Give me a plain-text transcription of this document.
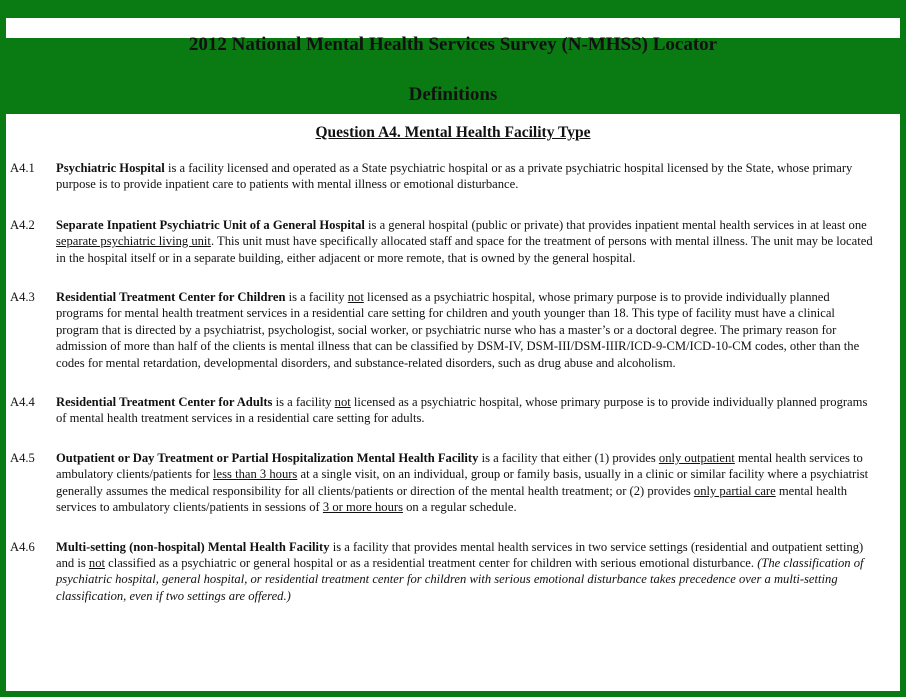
2012 National Mental Health Services Survey (N-MHSS) Locator

Definitions

Question A4. Mental Health Facility Type
A4.1 Psychiatric Hospital is a facility licensed and operated as a State psychiatric hospital or as a private psychiatric hospital licensed by the State, whose primary purpose is to provide inpatient care to patients with mental illness or emotional disturbance.
A4.2 Separate Inpatient Psychiatric Unit of a General Hospital is a general hospital (public or private) that provides inpatient mental health services in at least one separate psychiatric living unit. This unit must have specifically allocated staff and space for the treatment of persons with mental illness. The unit may be located in the hospital itself or in a separate building, either adjacent or more remote, that is owned by the general hospital.
A4.3 Residential Treatment Center for Children is a facility not licensed as a psychiatric hospital, whose primary purpose is to provide individually planned programs for mental health treatment services in a residential care setting for children and youth younger than 18. This type of facility must have a clinical program that is directed by a psychiatrist, psychologist, social worker, or psychiatric nurse who has a master’s or a doctoral degree. The primary reason for admission of more than half of the clients is mental illness that can be classified by DSM-IV, DSM-III/DSM-IIIR/ICD-9-CM/ICD-10-CM codes, other than the codes for mental retardation, developmental disorders, and substance-related disorders, such as drug abuse and alcoholism.
A4.4 Residential Treatment Center for Adults is a facility not licensed as a psychiatric hospital, whose primary purpose is to provide individually planned programs of mental health treatment services in a residential care setting for adults.
A4.5 Outpatient or Day Treatment or Partial Hospitalization Mental Health Facility is a facility that either (1) provides only outpatient mental health services to ambulatory clients/patients for less than 3 hours at a single visit, on an individual, group or family basis, usually in a clinic or similar facility where a psychiatrist generally assumes the medical responsibility for all clients/patients or direction of the mental health treatment; or (2) provides only partial care mental health services to ambulatory clients/patients in sessions of 3 or more hours on a regular schedule.
A4.6 Multi-setting (non-hospital) Mental Health Facility is a facility that provides mental health services in two service settings (residential and outpatient setting) and is not classified as a psychiatric or general hospital or as a residential treatment center for children with serious emotional disturbance. (The classification of psychiatric hospital, general hospital, or residential treatment center for children with serious emotional disturbance takes precedence over a multi-setting classification, even if two settings are offered.)
